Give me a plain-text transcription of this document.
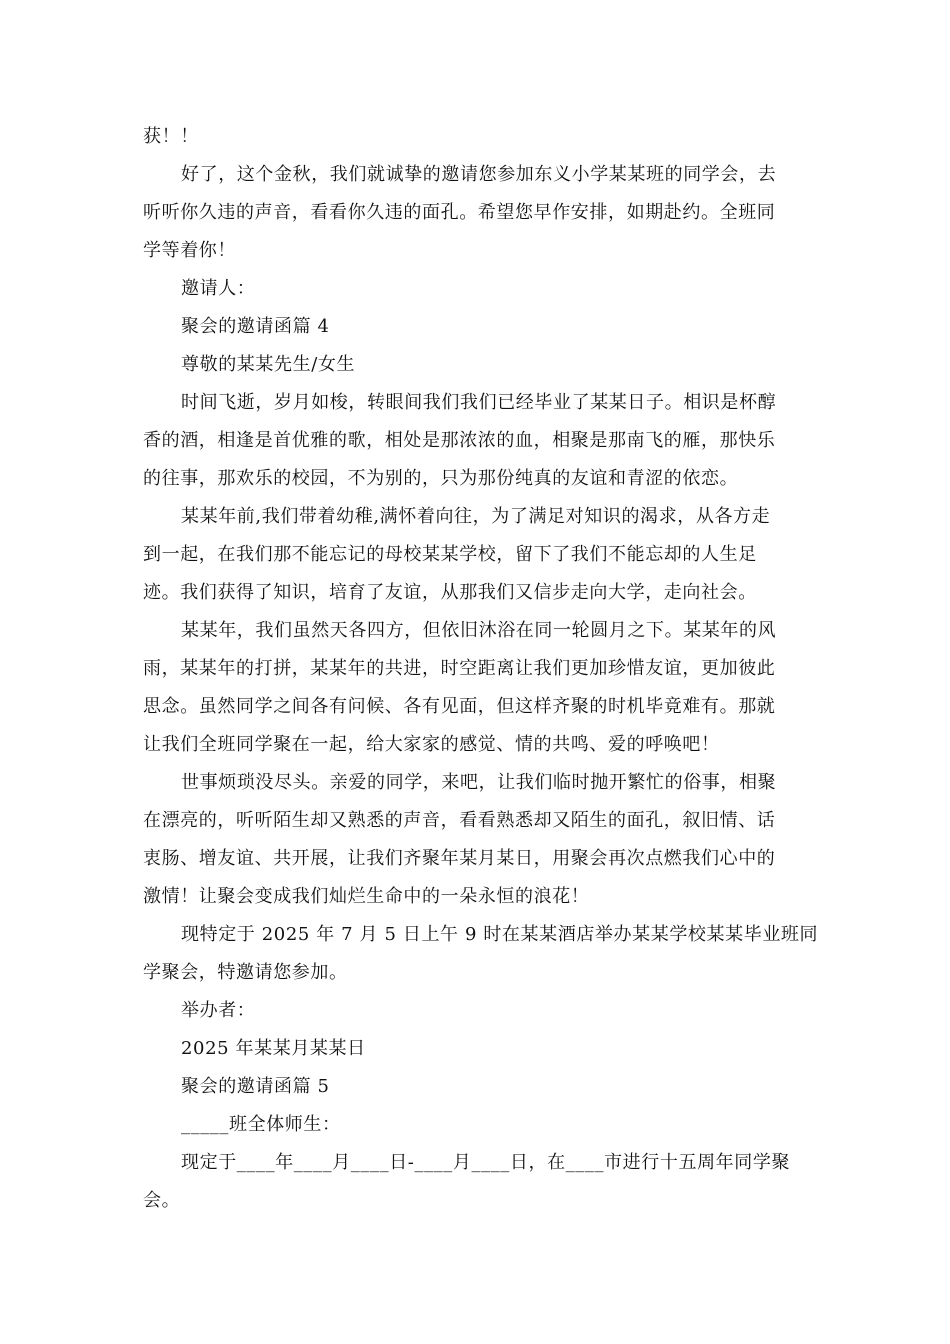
获！！
好了，这个金秋，我们就诚挚的邀请您参加东义小学某某班的同学会，去
听听你久违的声音，看看你久违的面孔。希望您早作安排，如期赴约。全班同
学等着你！
邀请人：
聚会的邀请函篇 4
尊敬的某某先生/女生
时间飞逝，岁月如梭，转眼间我们我们已经毕业了某某日子。相识是杯醇
香的酒，相逢是首优雅的歌，相处是那浓浓的血，相聚是那南飞的雁，那快乐
的往事，那欢乐的校园，不为别的，只为那份纯真的友谊和青涩的依恋。
某某年前,我们带着幼稚,满怀着向往，为了满足对知识的渴求，从各方走
到一起，在我们那不能忘记的母校某某学校，留下了我们不能忘却的人生足
迹。我们获得了知识，培育了友谊，从那我们又信步走向大学，走向社会。
某某年，我们虽然天各四方，但依旧沐浴在同一轮圆月之下。某某年的风
雨，某某年的打拼，某某年的共进，时空距离让我们更加珍惜友谊，更加彼此
思念。虽然同学之间各有问候、各有见面，但这样齐聚的时机毕竟难有。那就
让我们全班同学聚在一起，给大家家的感觉、情的共鸣、爱的呼唤吧！
世事烦琐没尽头。亲爱的同学，来吧，让我们临时抛开繁忙的俗事，相聚
在漂亮的，听听陌生却又熟悉的声音，看看熟悉却又陌生的面孔，叙旧情、话
衷肠、增友谊、共开展，让我们齐聚年某月某日，用聚会再次点燃我们心中的
激情！让聚会变成我们灿烂生命中的一朵永恒的浪花！
现特定于 2025 年 7 月 5 日上午 9 时在某某酒店举办某某学校某某毕业班同
学聚会，特邀请您参加。
举办者：
2025 年某某月某某日
聚会的邀请函篇 5
_____班全体师生：
现定于____年____月____日-____月____日，在____市进行十五周年同学聚
会。
